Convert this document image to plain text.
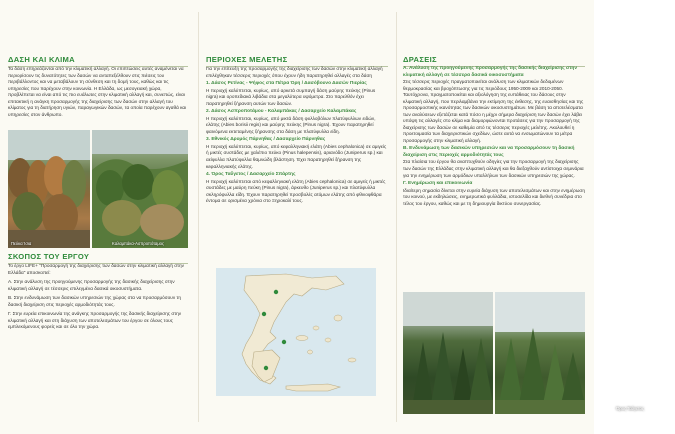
ΔΑΣΗ ΚΑΙ ΚΛΙΜΑ

Τα δάση επηρεάζονται από την κλιματική αλλαγή. Οι επιπτώσεις αυτές αναμένεται να περιορίσουν τις δυνατότητες των δασών να ανταπεξέλθουν στις πιέσεις του περιβάλλοντος και να μεταβάλουν τη σύνθεση και τη δομή τους, καθώς και τις υπηρεσίες που παρέχουν στην κοινωνία. Η Ελλάδα, ως μεσογειακή χώρα, προβλέπεται να είναι από τις πιο ευάλωτες στην κλιματική αλλαγή και, συνεπώς, είναι επιτακτική η ανάγκη προσαρμογής της διαχείρισης των δασών στην αλλαγή του κλίματος για τη διατήρηση υγιών, παραγωγικών δασών, τα οποία παρέχουν αγαθά και υπηρεσίες στον άνθρωπο.

Πεύκα Ίσια	Καλαμπάκα-Ασπροπόταμος
ΣΚΟΠΟΣ ΤΟΥ ΕΡΓΟΥ

Το έργο LIFE+ "Προσαρμογή της διαχείρισης των δασών στην κλιματική αλλαγή στην Ελλάδα" αποσκοπεί:

Α. Στην ανάλυση της προηγούμενης προσαρμογής της δασικής διαχείρισης στην κλιματική αλλαγή σε τέσσερις επιλεγμένα δασικά οικοσυστήματα.

Β. Στην ενδυνάμωση των δασικών υπηρεσιών της χώρας στα να προσαρμόσουν τη δασική διαχείριση στις περιοχές αρμοδιότητάς τους.

Γ. Στην ευρεία επικοινωνία της ανάγκης προσαρμογής της δασικής διαχείρισης στην κλιματική αλλαγή και στη διάχυση των αποτελεσμάτων του έργου σε όλους τους εμπλεκόμενους φορείς και σε όλο την χώρα.

ΠΕΡΙΟΧΕΣ ΜΕΛΕΤΗΣ

Για την επίτευξη της προσαρμογής της διαχείρισης των δασών στην κλιματική αλλαγή επιλέχθηκαν τέσσερις περιοχές όπου έχουν ήδη παρατηρηθεί αλλαγές στα δάση

1. Δάσος Ρετίνας - Ψήφος στα Πέτρα Όρη / Δασόβουνο Δασών Πιερίας

Η περιοχή καλύπτεται, κυρίως, από αρκετά συμπαγή δάση μαύρης πεύκης (Pinus nigra) και οροπεδιακά λιβάδια στα μεγαλύτερα υψόμετρα. Στο παρελθόν έχει παρατηρηθεί ξήρανση αυτών των δασών.

2. Δάσος Ασπροποτάμου - Καλαμπάκας / Δασαρχείο Καλαμπάκας

Η περιοχή καλύπτεται, κυρίως, από μικτά δάση φυλλοβόλων πλατύφυλλων ειδών, ελάτης (Abies borisii regis) και μαύρης πεύκης (Pinus nigra). Έχουν παρατηρηθεί φαινόμενα εκτεταμένης ξήρανσης στα δάση με πλατύφυλλα είδη.

3. Εθνικός Δρυμός Πάρνηθας / Δασαρχείο Πάρνηθας

Η περιοχή καλύπτεται, κυρίως, από κεφαλληνιακή ελάτη (Abies cephalonica) σε αμιγείς ή μικτές συστάδες με χαλέπιο πεύκο (Pinus halepensis), αριανόδο (Juniperus sp.) και αείφυλλα πλατύφυλλα θαμνώδη βλάστηση. Έχει παρατηρηθεί ξήρανση της κεφαλληνιακής ελάτης.

4. Όρος Ταΰγετος / Δασαρχείο Σπάρτης

Η περιοχή καλύπτεται από κεφαλληνιακή ελάτη (Abies cephalonica) σε αμιγείς ή μικτές συστάδες με μαύρη πεύκη (Pinus nigra), άρκευθο (Juniperus sp.) και πλατύφυλλα σκληρόφυλλα είδη. Έχουν παρατηρηθεί προσβολές ατόμων ελάτης από φθινοφθάρα έντομα σε ορισμένα χρόνια στο Ξηροκαλί τους.

ΔΡΑΣΕΙΣ
Α. Ανάλυση της προηγούμενης προσαρμογής της δασικής διαχείρισης στην κλιματική αλλαγή σε τέσσερα δασικά οικοσυστήματα

Στις τέσσερις περιοχές πραγματοποιείται ανάλυση των κλιματικών δεδομένων θερμοκρασίας και βροχόπτωσης για τις περιόδους 1950-2009 και 2010-2050. Ταυτόχρονα, πραγματοποιείται και αξιολόγηση της ευπάθειας του δάσους στην κλιματική αλλαγή, που περιλαμβάνει την εκτίμηση της έκθεσης, της ευαισθησίας και της προσαρμοστικής ικανότητας των δασικών οικοσυστημάτων. Με βάση τα αποτελέσματα των αναλύσεων εξετάζεται κατά πόσο η μέχρι σήμερα διαχείριση των δασών έχει λάβει υπόψη τις αλλαγές στο κλίμα και διαμορφώνονται προτάσεις για την προσαρμογή της διαχείρισης των δασών σε καθεμία από τις τέσσερις περιοχές μελέτης. Ακολουθεί η προετοιμασία των διαχειριστικών σχεδίων, ώστε αυτά να ενσωματώνουν τα μέτρα προσαρμογής στην κλιματική αλλαγή.

Β. Ενδυνάμωση των δασικών υπηρεσιών και να προσαρμόσουν τη δασική διαχείριση στις περιοχές αρμοδιότητάς τους

Στα πλαίσια του έργου θα αναπτυχθούν οδηγίες για την προσαρμογή της διαχείρισης των δασών της Ελλάδας στην κλιματική αλλαγή και θα διεξαχθούν αντίστοιχα σεμινάρια για την ενημέρωση των αρμόδιων υπαλλήλων των δασικών υπηρεσιών της χώρας.

Γ. Ενημέρωση και επικοινωνία

Ιδιαίτερη σημασία δίνεται στην ευρεία διάχυση των αποτελεσμάτων και στην ενημέρωση του κοινού, με εκδηλώσεις, ενημερωτικά φυλλάδια, ιστοσελίδα και διεθνή συνέδρια στο τέλος του έργου, καθώς και με τη δημιουργία δικτύου συνεργασίας.

Όρος Ταΰγετος
